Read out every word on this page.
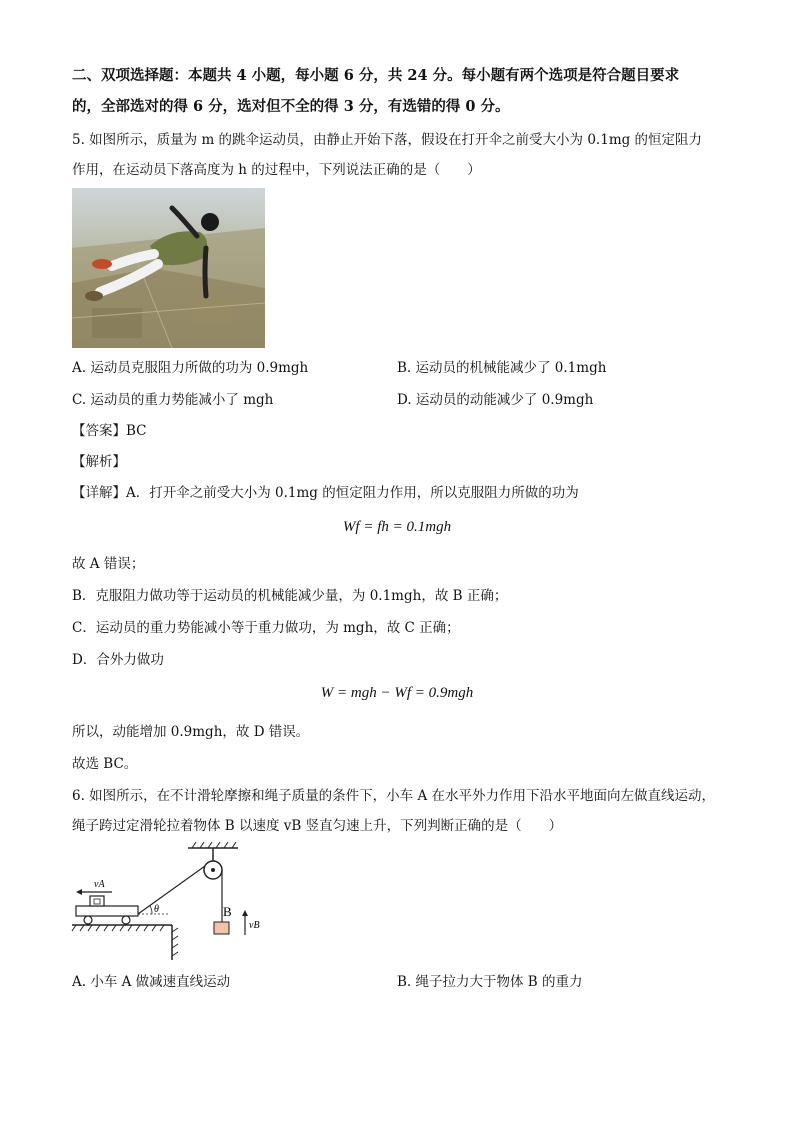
二、双项选择题：本题共 4 小题，每小题 6 分，共 24 分。每小题有两个选项是符合题目要求
的，全部选对的得 6 分，选对但不全的得 3 分，有选错的得 0 分。
5. 如图所示，质量为 m 的跳伞运动员，由静止开始下落，假设在打开伞之前受大小为 0.1mg 的恒定阻力
作用，在运动员下落高度为 h 的过程中，下列说法正确的是（　　）
A. 运动员克服阻力所做的功为 0.9mgh	B. 运动员的机械能减少了 0.1mgh
C. 运动员的重力势能减小了 mgh	D. 运动员的动能减少了 0.9mgh
【答案】BC
【解析】
【详解】A．打开伞之前受大小为 0.1mg 的恒定阻力作用，所以克服阻力所做的功为
Wf = fh = 0.1mgh
故 A 错误；
B．克服阻力做功等于运动员的机械能减少量，为 0.1mgh，故 B 正确；
C．运动员的重力势能减小等于重力做功，为 mgh，故 C 正确；
D．合外力做功
W = mgh − Wf = 0.9mgh
所以，动能增加 0.9mgh，故 D 错误。
故选 BC。
6. 如图所示，在不计滑轮摩擦和绳子质量的条件下，小车 A 在水平外力作用下沿水平地面向左做直线运动，
绳子跨过定滑轮拉着物体 B 以速度 vB 竖直匀速上升，下列判断正确的是（　　）
B
vB
θ
vA
A. 小车 A 做减速直线运动	B. 绳子拉力大于物体 B 的重力
